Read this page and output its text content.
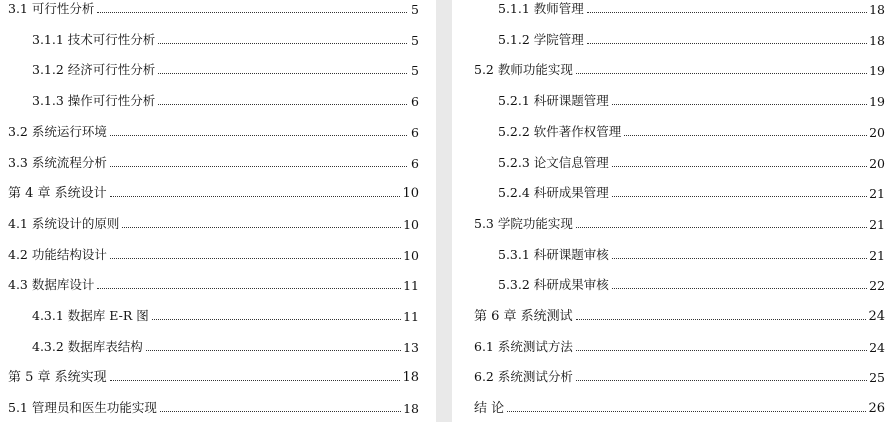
3.1 可行性分析	5
3.1.1 技术可行性分析	5
3.1.2 经济可行性分析	5
3.1.3 操作可行性分析	6
3.2 系统运行环境	6
3.3 系统流程分析	6
第 4 章 系统设计	10
4.1 系统设计的原则	10
4.2 功能结构设计	10
4.3 数据库设计	11
4.3.1 数据库 E-R 图	11
4.3.2 数据库表结构	13
第 5 章 系统实现	18
5.1 管理员和医生功能实现	18
5.1.1 教师管理	18
5.1.2 学院管理	18
5.2 教师功能实现	19
5.2.1 科研课题管理	19
5.2.2 软件著作权管理	20
5.2.3 论文信息管理	20
5.2.4 科研成果管理	21
5.3 学院功能实现	21
5.3.1 科研课题审核	21
5.3.2 科研成果审核	22
第 6 章 系统测试	24
6.1 系统测试方法	24
6.2 系统测试分析	25
结 论	26
